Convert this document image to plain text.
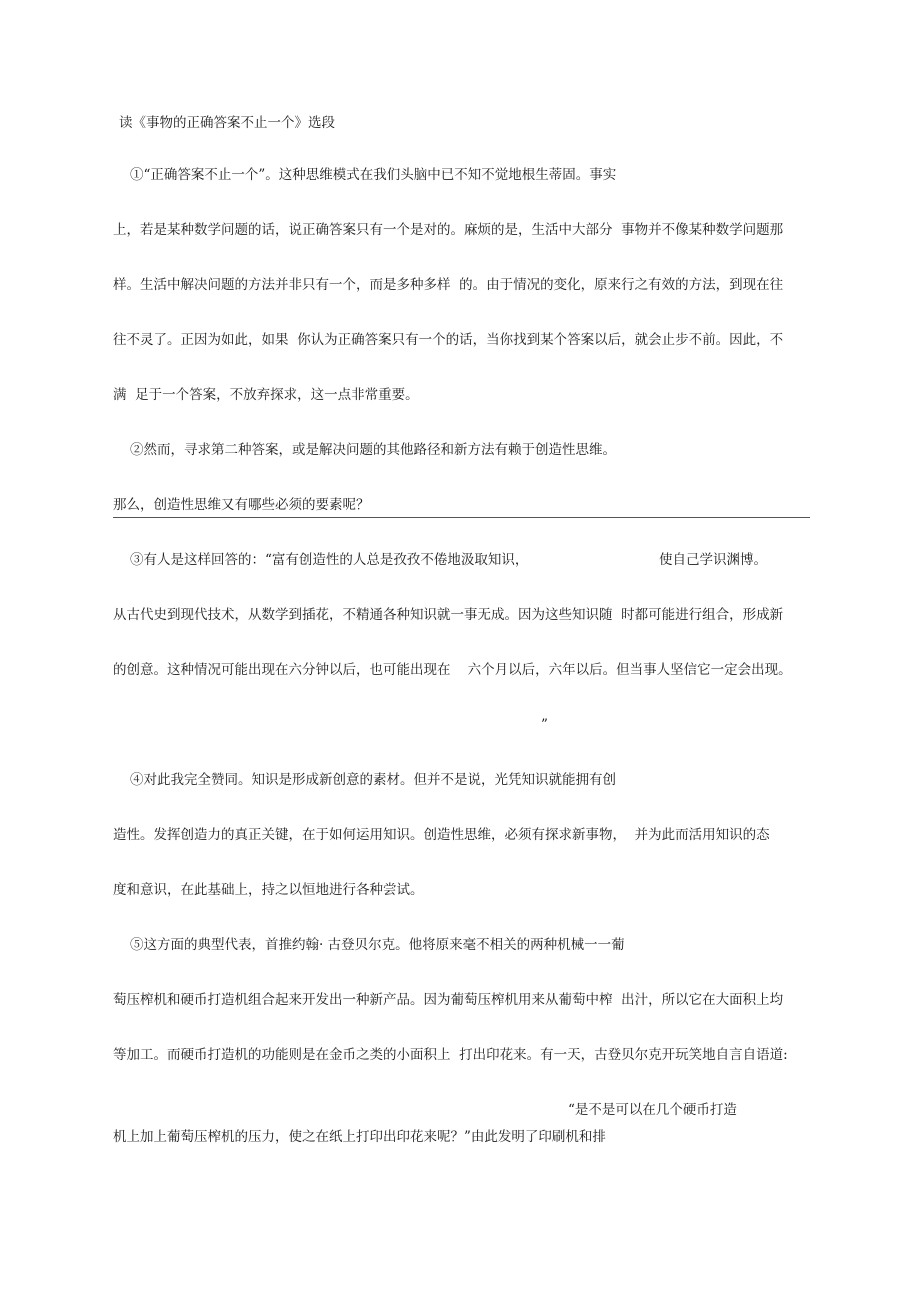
读《事物的正确答案不止一个》选段
①“正确答案不止一个”。这种思维模式在我们头脑中已不知不觉地根生蒂固。事实
上，若是某种数学问题的话，说正确答案只有一个是对的。麻烦的是，生活中大部分  事物并不像某种数学问题那
样。生活中解决问题的方法并非只有一个，而是多种多样  的。由于情况的变化，原来行之有效的方法，到现在往
往不灵了。正因为如此，如果  你认为正确答案只有一个的话，当你找到某个答案以后，就会止步不前。因此，不
满  足于一个答案，不放弃探求，这一点非常重要。
②然而，寻求第二种答案，或是解决问题的其他路径和新方法有赖于创造性思维。
那么，创造性思维又有哪些必须的要素呢？
③有人是这样回答的：“富有创造性的人总是孜孜不倦地汲取知识，	使自己学识渊博。
从古代史到现代技术，从数学到插花，不精通各种知识就一事无成。因为这些知识随  时都可能进行组合，形成新
的创意。这种情况可能出现在六分钟以后，也可能出现在    六个月以后，六年以后。但当事人坚信它一定会出现。
”
④对此我完全赞同。知识是形成新创意的素材。但并不是说，光凭知识就能拥有创
造性。发挥创造力的真正关键，在于如何运用知识。创造性思维，必须有探求新事物，  并为此而活用知识的态
度和意识，在此基础上，持之以恒地进行各种尝试。
⑤这方面的典型代表，首推约翰· 古登贝尔克。他将原来毫不相关的两种机械一一葡
萄压榨机和硬币打造机组合起来开发出一种新产品。因为葡萄压榨机用来从葡萄中榨  出汁，所以它在大面积上均
等加工。而硬币打造机的功能则是在金币之类的小面积上  打出印花来。有一天，古登贝尔克开玩笑地自言自语道:
“是不是可以在几个硬币打造
机上加上葡萄压榨机的压力，使之在纸上打印出印花来呢？”由此发明了印刷机和排
